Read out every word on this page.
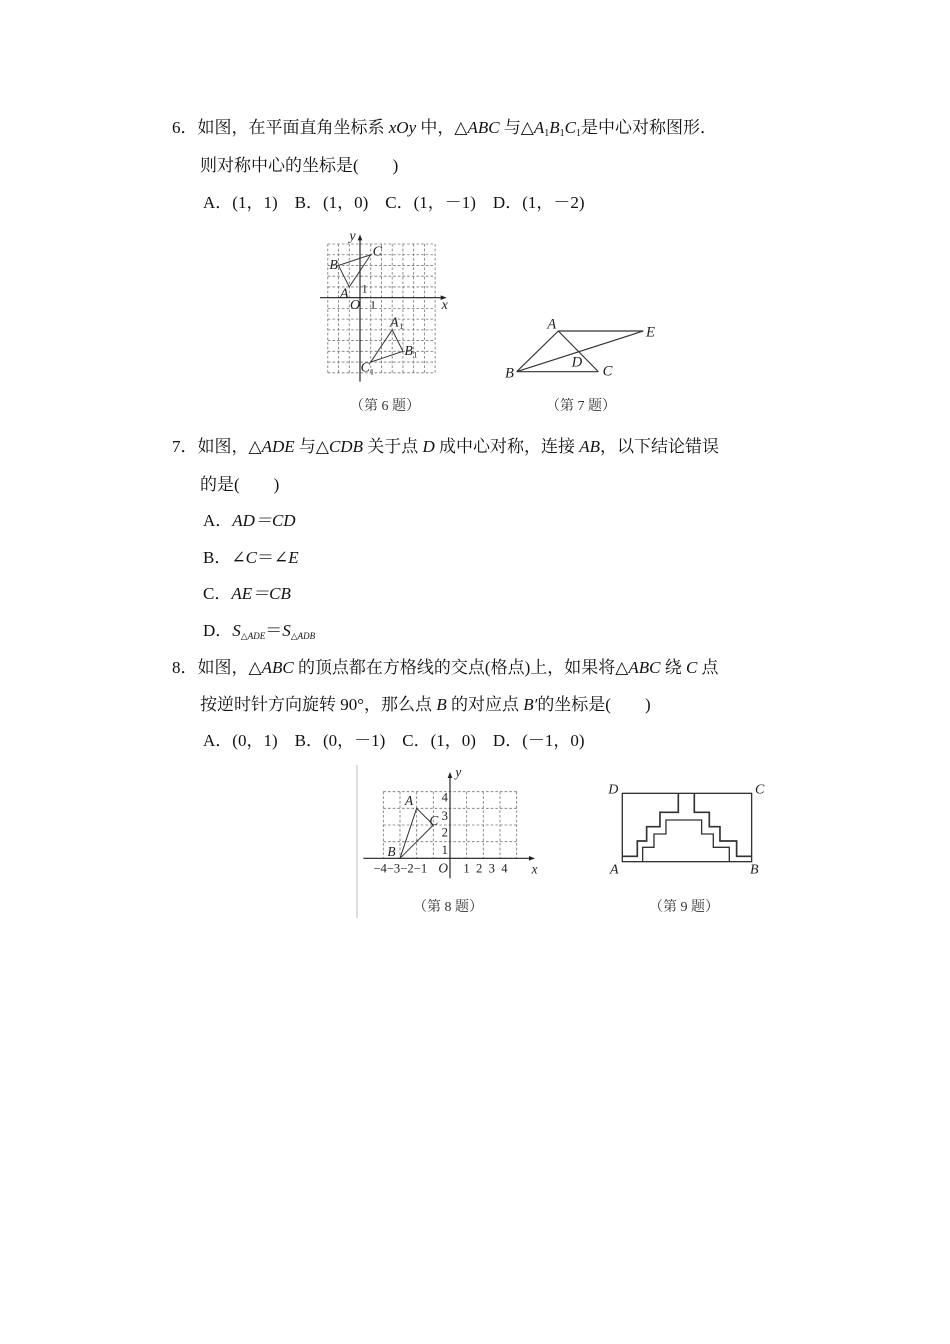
6．如图，在平面直角坐标系 xOy 中，△ABC 与$\triangle A_1B_1C_1$是中心对称图形．
则对称中心的坐标是(　　)
A．(1，1)　B．(1，0)　C．(1，－1)　D．(1，－2)
7．如图，△ADE 与△CDB 关于点 D 成中心对称，连接 AB，以下结论错误
的是(　　)
A．AD＝CD
B．∠C＝∠E
C．AE＝CB
D．$S_{\triangle ADE}=S_{\triangle ADB}$
8．如图，△ABC 的顶点都在方格线的交点(格点)上，如果将△ABC 绕 C 点
按逆时针方向旋转 90°，那么点 B 的对应点 B′的坐标是(　　)
A．(0，1)　B．(0，－1)　C．(1，0)　D．(－1，0)
（第 6 题）	（第 7 题）
（第 8 题）	（第 9 题）
y
x
O
1
1
A
B
C
A 1
B 1
C 1
A
E
B C
D
y
x
O
A
B
C
−4−3−2−1 1  2  3  4
1
2
3
4
D	C
A	B
